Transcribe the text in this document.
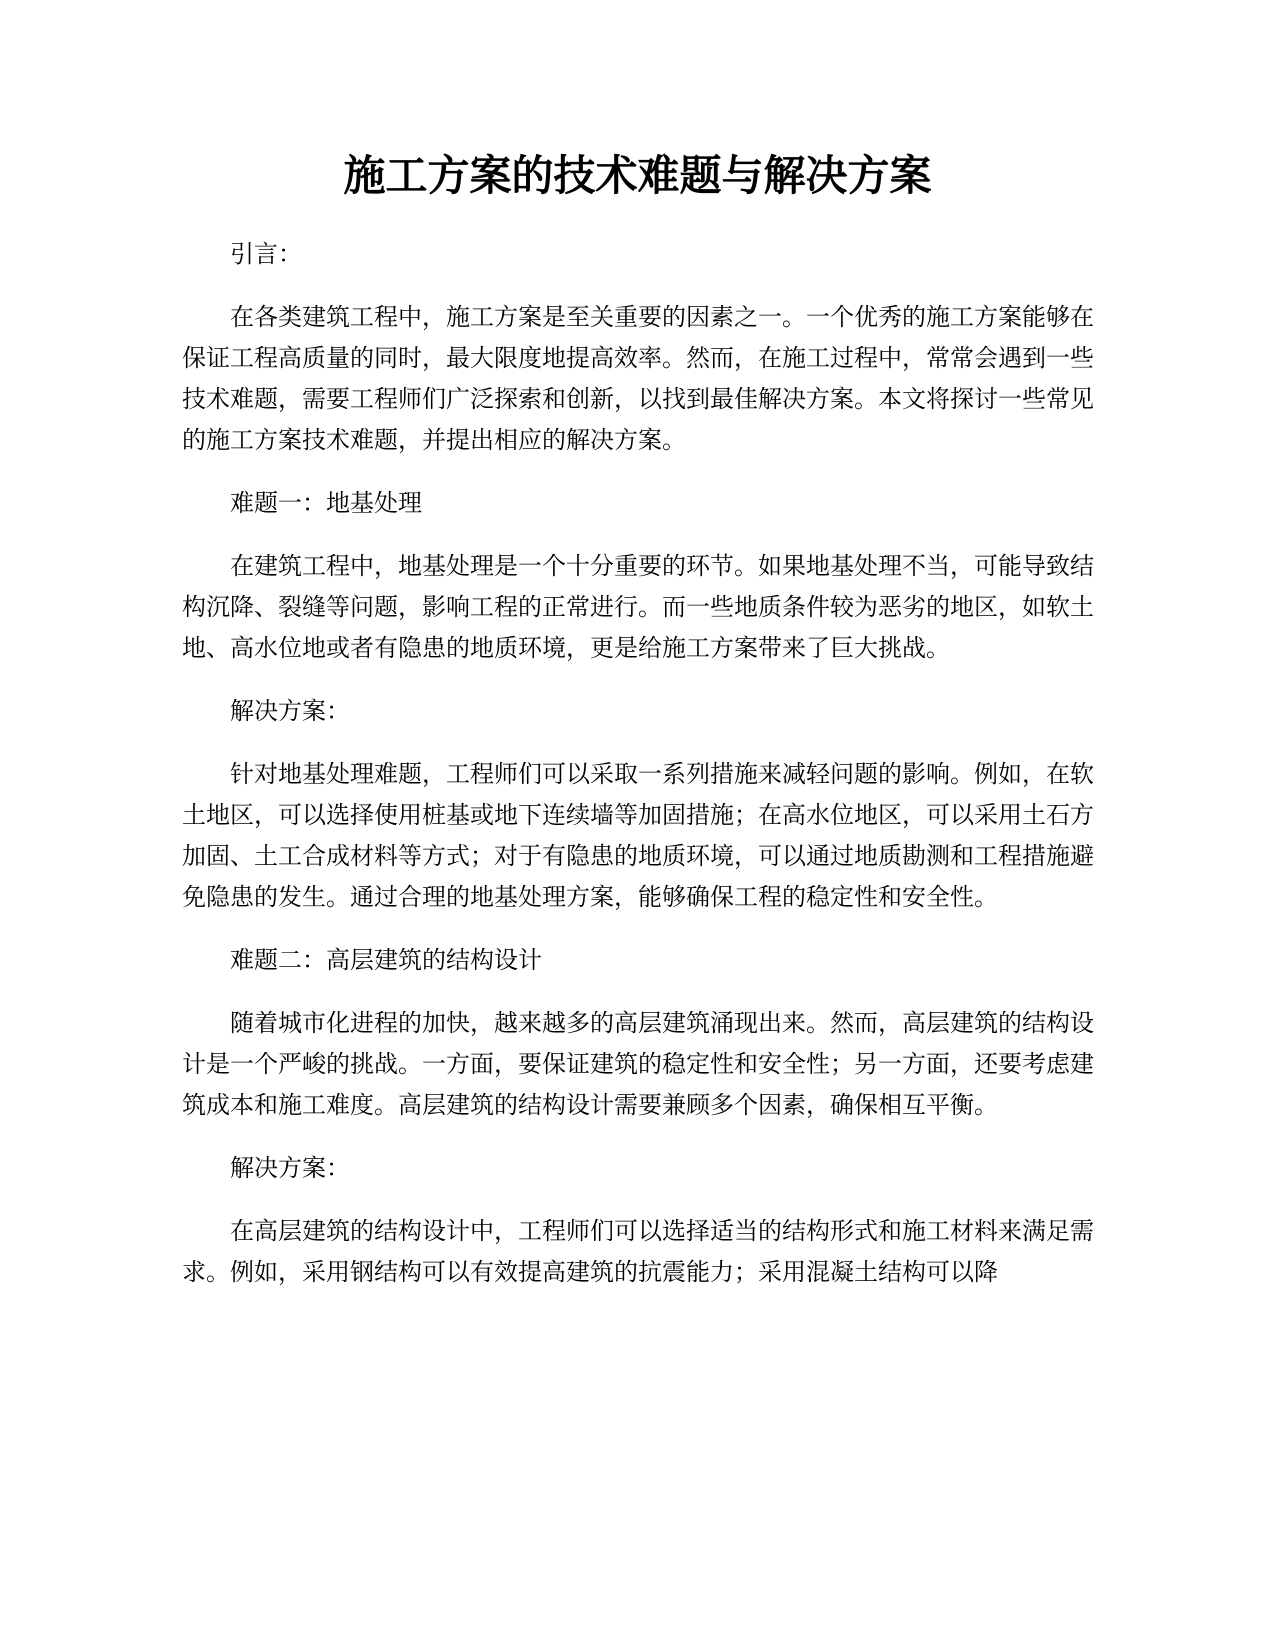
施工方案的技术难题与解决方案

引言：

在各类建筑工程中，施工方案是至关重要的因素之一。一个优秀的施工方案能够在保证工程高质量的同时，最大限度地提高效率。然而，在施工过程中，常常会遇到一些技术难题，需要工程师们广泛探索和创新，以找到最佳解决方案。本文将探讨一些常见的施工方案技术难题，并提出相应的解决方案。

难题一：地基处理

在建筑工程中，地基处理是一个十分重要的环节。如果地基处理不当，可能导致结构沉降、裂缝等问题，影响工程的正常进行。而一些地质条件较为恶劣的地区，如软土地、高水位地或者有隐患的地质环境，更是给施工方案带来了巨大挑战。

解决方案：

针对地基处理难题，工程师们可以采取一系列措施来减轻问题的影响。例如，在软土地区，可以选择使用桩基或地下连续墙等加固措施；在高水位地区，可以采用土石方加固、土工合成材料等方式；对于有隐患的地质环境，可以通过地质勘测和工程措施避免隐患的发生。通过合理的地基处理方案，能够确保工程的稳定性和安全性。

难题二：高层建筑的结构设计

随着城市化进程的加快，越来越多的高层建筑涌现出来。然而，高层建筑的结构设计是一个严峻的挑战。一方面，要保证建筑的稳定性和安全性；另一方面，还要考虑建筑成本和施工难度。高层建筑的结构设计需要兼顾多个因素，确保相互平衡。

解决方案：

在高层建筑的结构设计中，工程师们可以选择适当的结构形式和施工材料来满足需求。例如，采用钢结构可以有效提高建筑的抗震能力；采用混凝土结构可以降
